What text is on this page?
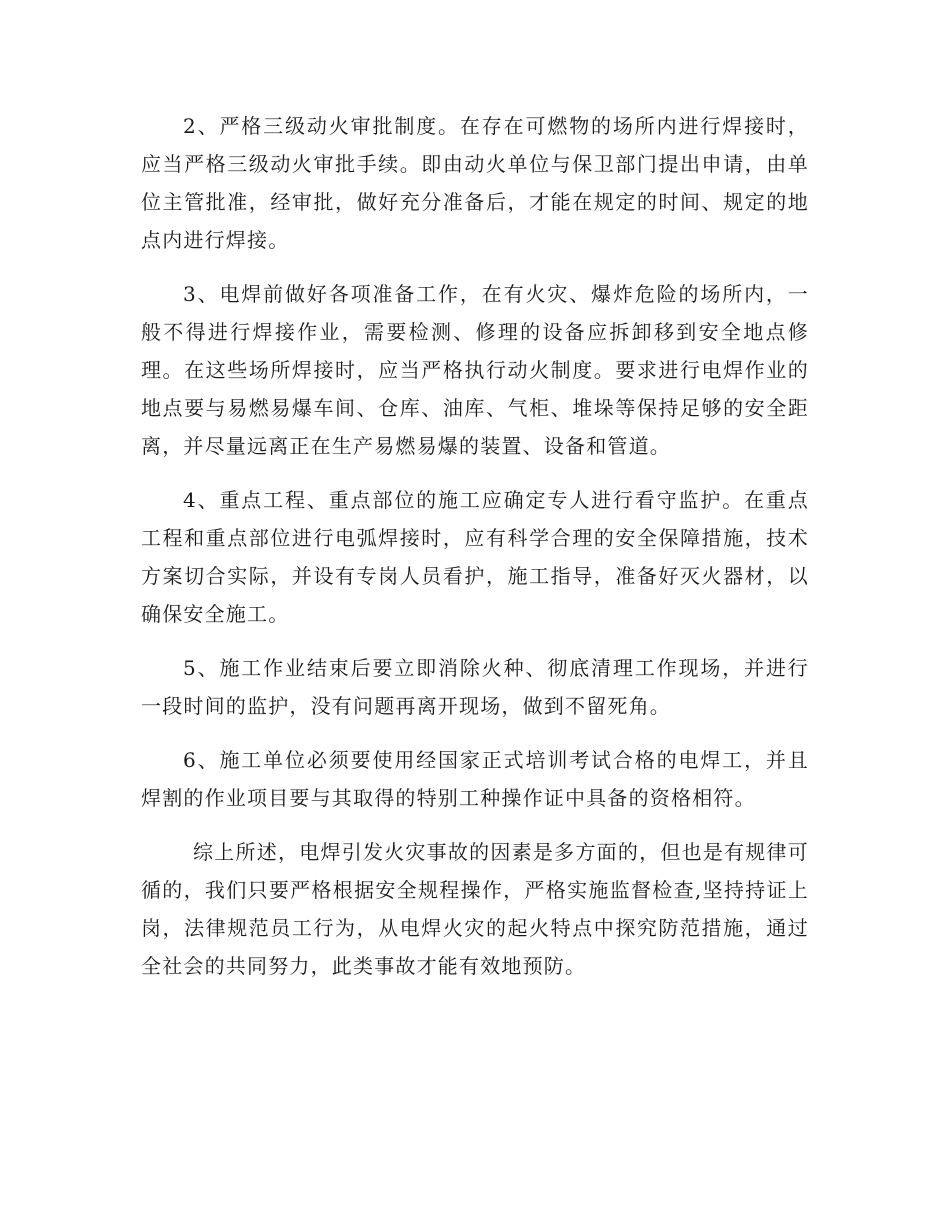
2、严格三级动火审批制度。在存在可燃物的场所内进行焊接时，应当严格三级动火审批手续。即由动火单位与保卫部门提出申请，由单位主管批准，经审批，做好充分准备后，才能在规定的时间、规定的地点内进行焊接。

3、电焊前做好各项准备工作，在有火灾、爆炸危险的场所内，一般不得进行焊接作业，需要检测、修理的设备应拆卸移到安全地点修理。在这些场所焊接时，应当严格执行动火制度。要求进行电焊作业的地点要与易燃易爆车间、仓库、油库、气柜、堆垛等保持足够的安全距离，并尽量远离正在生产易燃易爆的装置、设备和管道。

4、重点工程、重点部位的施工应确定专人进行看守监护。在重点工程和重点部位进行电弧焊接时，应有科学合理的安全保障措施，技术方案切合实际，并设有专岗人员看护，施工指导，准备好灭火器材，以确保安全施工。

5、施工作业结束后要立即消除火种、彻底清理工作现场，并进行一段时间的监护，没有问题再离开现场，做到不留死角。

6、施工单位必须要使用经国家正式培训考试合格的电焊工，并且焊割的作业项目要与其取得的特别工种操作证中具备的资格相符。

综上所述，电焊引发火灾事故的因素是多方面的，但也是有规律可循的，我们只要严格根据安全规程操作，严格实施监督检查,坚持持证上岗，法律规范员工行为，从电焊火灾的起火特点中探究防范措施，通过全社会的共同努力，此类事故才能有效地预防。
